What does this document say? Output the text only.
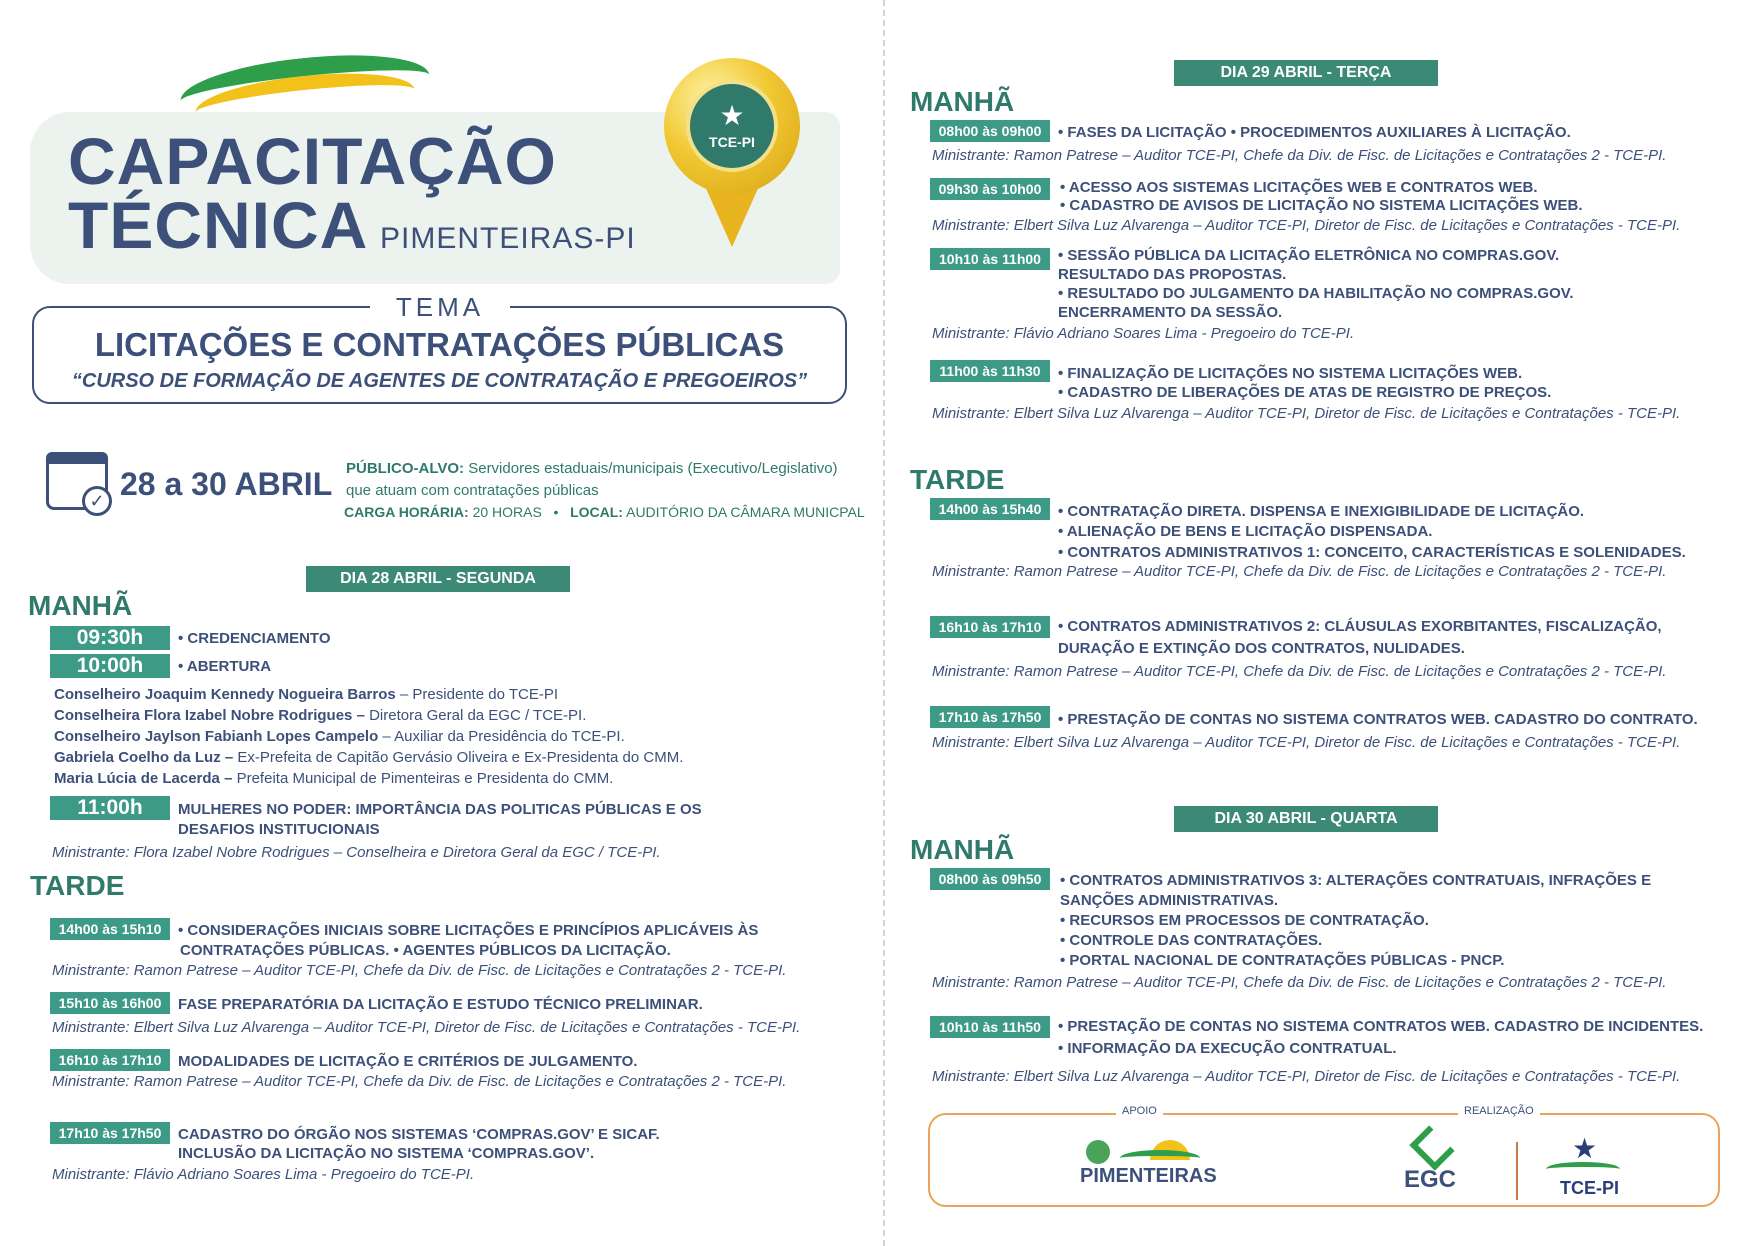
CAPACITAÇÃO
TÉCNICA PIMENTEIRAS-PI
★
TCE-PI
TEMA
LICITAÇÕES E CONTRATAÇÕES PÚBLICAS
“CURSO DE FORMAÇÃO DE AGENTES DE CONTRATAÇÃO E PREGOEIROS”
✓ 28 a 30 ABRIL PÚBLICO-ALVO: Servidores estaduais/municipais (Executivo/Legislativo)
que atuam com contratações públicas
CARGA HORÁRIA: 20 HORAS • LOCAL: AUDITÓRIO DA CÂMARA MUNICPAL
DIA 28 ABRIL - SEGUNDA
MANHÃ
09:30h	• CREDENCIAMENTO
10:00h	• ABERTURA
Conselheiro Joaquim Kennedy Nogueira Barros – Presidente do TCE-PI
Conselheira Flora Izabel Nobre Rodrigues – Diretora Geral da EGC / TCE-PI.
Conselheiro Jaylson Fabianh Lopes Campelo – Auxiliar da Presidência do TCE-PI.
Gabriela Coelho da Luz – Ex-Prefeita de Capitão Gervásio Oliveira e Ex-Presidenta do CMM.
Maria Lúcia de Lacerda – Prefeita Municipal de Pimenteiras e Presidenta do CMM.
11:00h	MULHERES NO PODER: IMPORTÂNCIA DAS POLITICAS PÚBLICAS E OS
DESAFIOS INSTITUCIONAIS
Ministrante: Flora Izabel Nobre Rodrigues – Conselheira e Diretora Geral da EGC / TCE-PI.
TARDE
14h00 às 15h10	• CONSIDERAÇÕES INICIAIS SOBRE LICITAÇÕES E PRINCÍPIOS APLICÁVEIS ÀS
CONTRATAÇÕES PÚBLICAS. • AGENTES PÚBLICOS DA LICITAÇÃO.
Ministrante: Ramon Patrese – Auditor TCE-PI, Chefe da Div. de Fisc. de Licitações e Contratações 2 - TCE-PI.
15h10 às 16h00	FASE PREPARATÓRIA DA LICITAÇÃO E ESTUDO TÉCNICO PRELIMINAR.
Ministrante: Elbert Silva Luz Alvarenga – Auditor TCE-PI, Diretor de Fisc. de Licitações e Contratações - TCE-PI.
16h10 às 17h10	MODALIDADES DE LICITAÇÃO E CRITÉRIOS DE JULGAMENTO.
Ministrante: Ramon Patrese – Auditor TCE-PI, Chefe da Div. de Fisc. de Licitações e Contratações 2 - TCE-PI.
17h10 às 17h50	CADASTRO DO ÓRGÃO NOS SISTEMAS ‘COMPRAS.GOV’ E SICAF.
INCLUSÃO DA LICITAÇÃO NO SISTEMA ‘COMPRAS.GOV’.
Ministrante: Flávio Adriano Soares Lima - Pregoeiro do TCE-PI.
DIA 29 ABRIL - TERÇA
MANHÃ
08h00 às 09h00	• FASES DA LICITAÇÃO • PROCEDIMENTOS AUXILIARES À LICITAÇÃO.
Ministrante: Ramon Patrese – Auditor TCE-PI, Chefe da Div. de Fisc. de Licitações e Contratações 2 - TCE-PI.
09h30 às 10h00	• ACESSO AOS SISTEMAS LICITAÇÕES WEB E CONTRATOS WEB.
• CADASTRO DE AVISOS DE LICITAÇÃO NO SISTEMA LICITAÇÕES WEB.
Ministrante: Elbert Silva Luz Alvarenga – Auditor TCE-PI, Diretor de Fisc. de Licitações e Contratações - TCE-PI.
10h10 às 11h00	• SESSÃO PÚBLICA DA LICITAÇÃO ELETRÔNICA NO COMPRAS.GOV.
RESULTADO DAS PROPOSTAS.
• RESULTADO DO JULGAMENTO DA HABILITAÇÃO NO COMPRAS.GOV.
ENCERRAMENTO DA SESSÃO.
Ministrante: Flávio Adriano Soares Lima - Pregoeiro do TCE-PI.
11h00 às 11h30	• FINALIZAÇÃO DE LICITAÇÕES NO SISTEMA LICITAÇÕES WEB.
• CADASTRO DE LIBERAÇÕES DE ATAS DE REGISTRO DE PREÇOS.
Ministrante: Elbert Silva Luz Alvarenga – Auditor TCE-PI, Diretor de Fisc. de Licitações e Contratações - TCE-PI.
TARDE
14h00 às 15h40	• CONTRATAÇÃO DIRETA. DISPENSA E INEXIGIBILIDADE DE LICITAÇÃO.
• ALIENAÇÃO DE BENS E LICITAÇÃO DISPENSADA.
• CONTRATOS ADMINISTRATIVOS 1: CONCEITO, CARACTERÍSTICAS E SOLENIDADES.
Ministrante: Ramon Patrese – Auditor TCE-PI, Chefe da Div. de Fisc. de Licitações e Contratações 2 - TCE-PI.
16h10 às 17h10	• CONTRATOS ADMINISTRATIVOS 2: CLÁUSULAS EXORBITANTES, FISCALIZAÇÃO,
DURAÇÃO E EXTINÇÃO DOS CONTRATOS, NULIDADES.
Ministrante: Ramon Patrese – Auditor TCE-PI, Chefe da Div. de Fisc. de Licitações e Contratações 2 - TCE-PI.
17h10 às 17h50	• PRESTAÇÃO DE CONTAS NO SISTEMA CONTRATOS WEB. CADASTRO DO CONTRATO.
Ministrante: Elbert Silva Luz Alvarenga – Auditor TCE-PI, Diretor de Fisc. de Licitações e Contratações - TCE-PI.
DIA 30 ABRIL - QUARTA
MANHÃ
08h00 às 09h50	• CONTRATOS ADMINISTRATIVOS 3: ALTERAÇÕES CONTRATUAIS, INFRAÇÕES E
SANÇÕES ADMINISTRATIVAS.
• RECURSOS EM PROCESSOS DE CONTRATAÇÃO.
• CONTROLE DAS CONTRATAÇÕES.
• PORTAL NACIONAL DE CONTRATAÇÕES PÚBLICAS - PNCP.
Ministrante: Ramon Patrese – Auditor TCE-PI, Chefe da Div. de Fisc. de Licitações e Contratações 2 - TCE-PI.
10h10 às 11h50	• PRESTAÇÃO DE CONTAS NO SISTEMA CONTRATOS WEB. CADASTRO DE INCIDENTES.
• INFORMAÇÃO DA EXECUÇÃO CONTRATUAL.
Ministrante: Elbert Silva Luz Alvarenga – Auditor TCE-PI, Diretor de Fisc. de Licitações e Contratações - TCE-PI.
APOIO	REALIZAÇÃO
PIMENTEIRAS	EGC
★
TCE-PI
